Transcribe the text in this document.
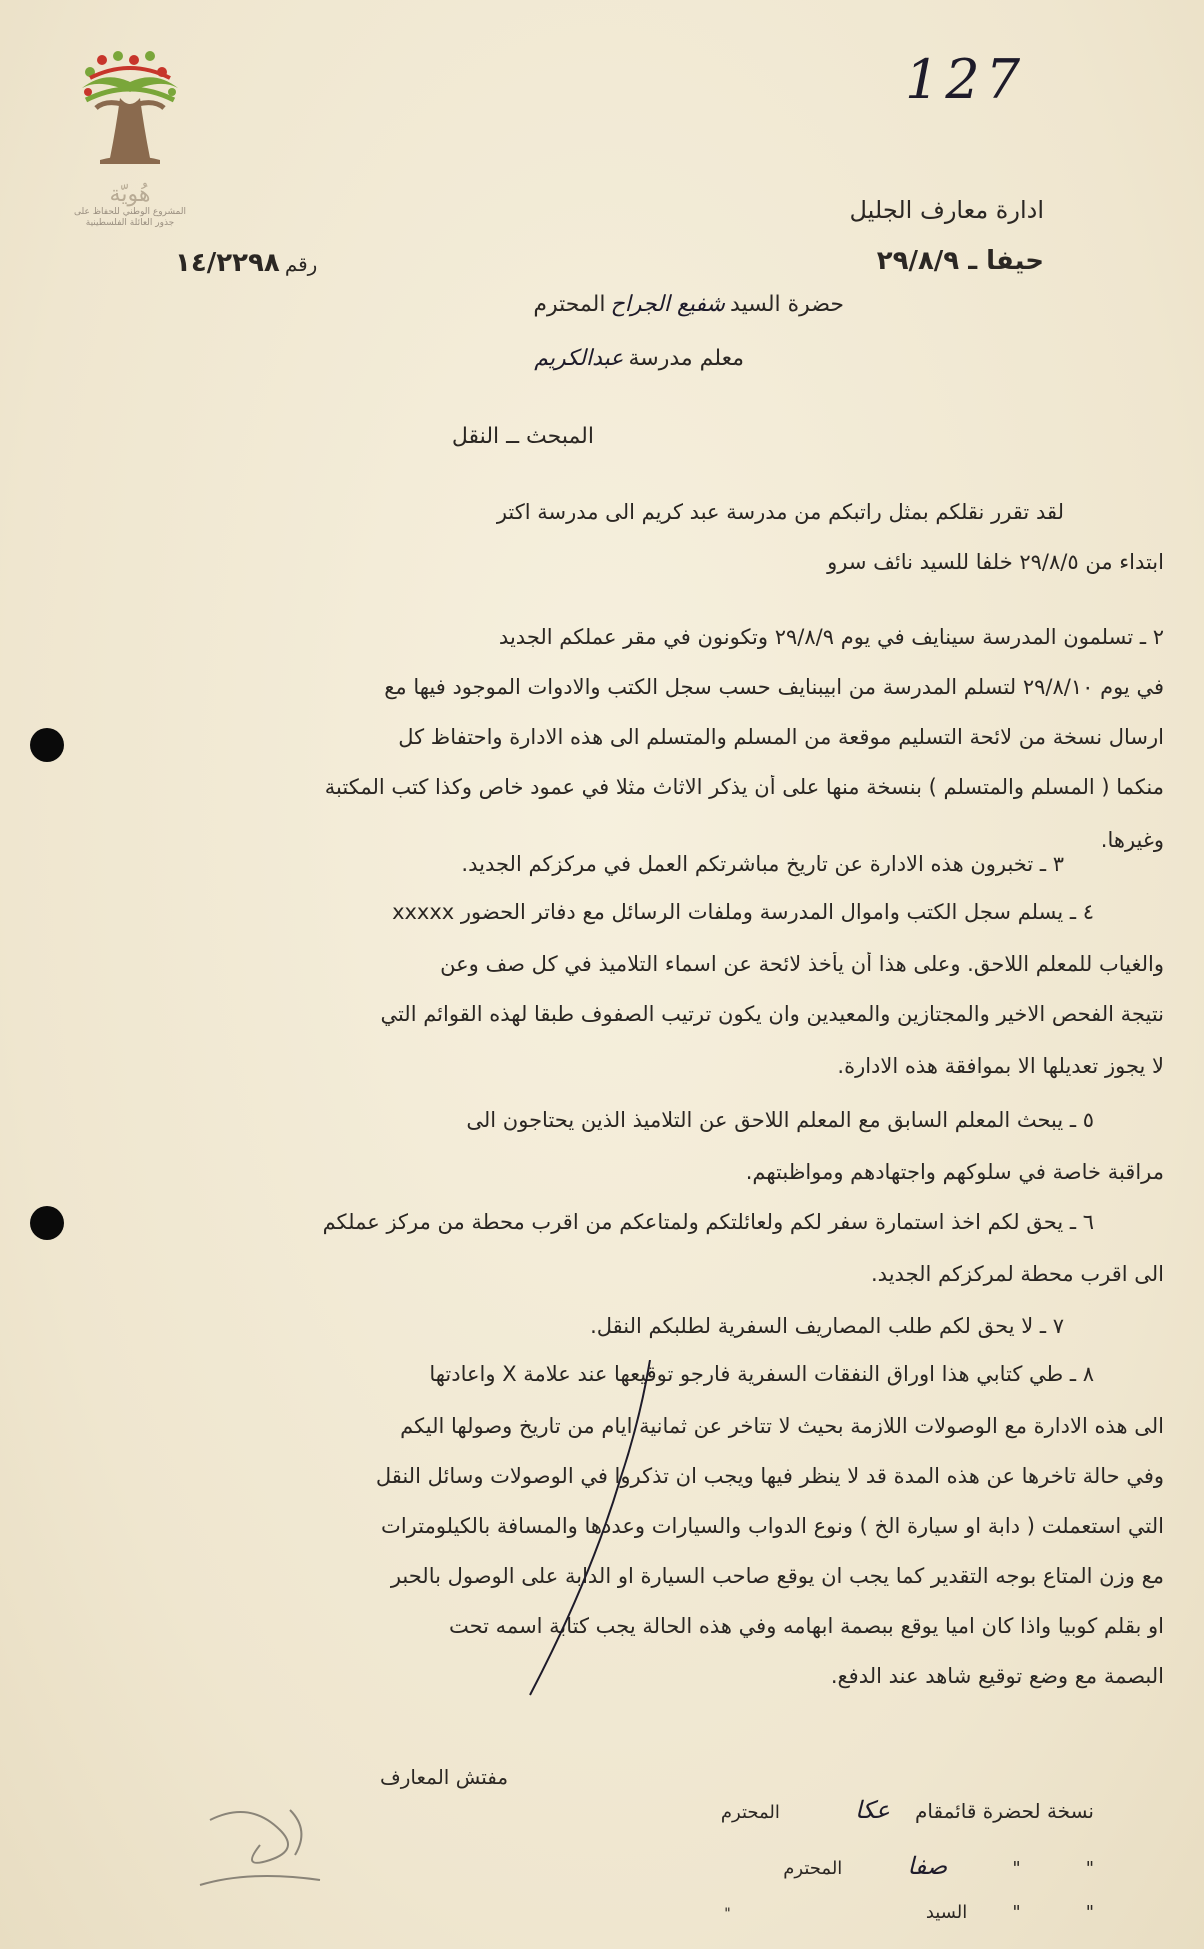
هُويّة
المشروع الوطني للحفاظ على
جذور العائلة الفلسطينية
127
ادارة معارف الجليل
حيفا ـ ٢٩/٨/٩
رقم ١٤/٢٢٩٨
حضرة السيد شفيع الجراح المحترم
معلم مدرسة عبدالكريم
المبحث ــ النقل
لقد تقرر نقلكم بمثل راتبكم من مدرسة عبد كريم الى مدرسة اكتر
ابتداء من ٢٩/٨/٥ خلفا للسيد نائف سرو
٢ ـ تسلمون المدرسة سينايف في يوم ٢٩/٨/٩ وتكونون في مقر عملكم الجديد
في يوم ٢٩/٨/١٠ لتسلم المدرسة من ابيبنايف حسب سجل الكتب والادوات الموجود فيها مع
ارسال نسخة من لائحة التسليم موقعة من المسلم والمتسلم الى هذه الادارة واحتفاظ كل
منكما ( المسلم والمتسلم ) بنسخة منها على أن يذكر الاثاث مثلا في عمود خاص وكذا كتب المكتبة
وغيرها.
٣ ـ تخبرون هذه الادارة عن تاريخ مباشرتكم العمل في مركزكم الجديد.
٤ ـ يسلم سجل الكتب واموال المدرسة وملفات الرسائل مع دفاتر الحضور xxxxx
والغياب للمعلم اللاحق. وعلى هذا أن يأخذ لائحة عن اسماء التلاميذ في كل صف وعن
نتيجة الفحص الاخير والمجتازين والمعيدين وان يكون ترتيب الصفوف طبقا لهذه القوائم التي
لا يجوز تعديلها الا بموافقة هذه الادارة.
٥ ـ يبحث المعلم السابق مع المعلم اللاحق عن التلاميذ الذين يحتاجون الى
مراقبة خاصة في سلوكهم واجتهادهم ومواظبتهم.
٦ ـ يحق لكم اخذ استمارة سفر لكم ولعائلتكم ولمتاعكم من اقرب محطة من مركز عملكم
الى اقرب محطة لمركزكم الجديد.
٧ ـ لا يحق لكم طلب المصاريف السفرية لطلبكم النقل.
٨ ـ طي كتابي هذا اوراق النفقات السفرية فارجو توقيعها عند علامة X واعادتها
الى هذه الادارة مع الوصولات اللازمة بحيث لا تتاخر عن ثمانية ايام من تاريخ وصولها اليكم
وفي حالة تاخرها عن هذه المدة قد لا ينظر فيها ويجب ان تذكروا في الوصولات وسائل النقل
التي استعملت ( دابة او سيارة الخ ) ونوع الدواب والسيارات وعددها والمسافة بالكيلومترات
مع وزن المتاع بوجه التقدير كما يجب ان يوقع صاحب السيارة او الدابة على الوصول بالحبر
او بقلم كوبيا واذا كان اميا يوقع ببصمة ابهامه وفي هذه الحالة يجب كتابة اسمه تحت
البصمة مع وضع توقيع شاهد عند الدفع.
مفتش المعارف
نسخة لحضرة قائمقام عكا المحترم
" " صفا المحترم
" " السيد "
